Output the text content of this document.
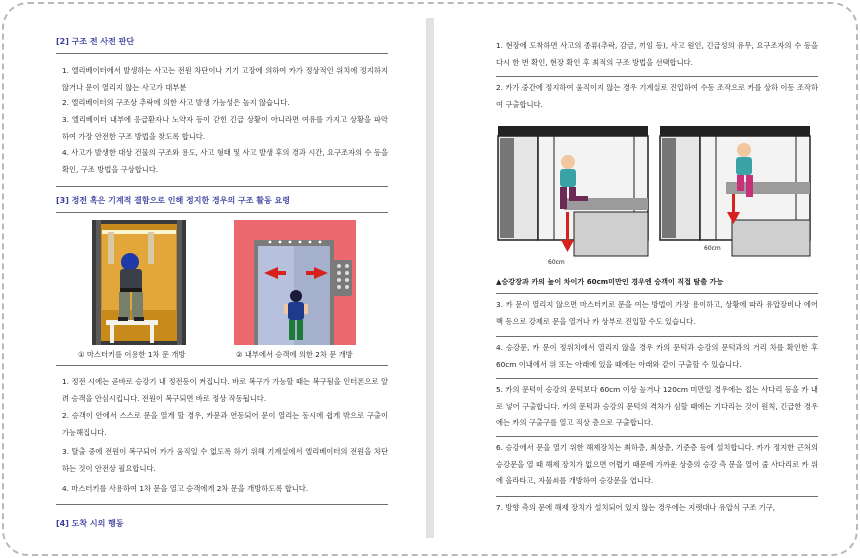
[2] 구조 전 사전 판단
1. 엘리베이터에서 발생하는 사고는 전원 차단이나 기기 고장에 의하여 카가 정상적인 위치에 정지하지 않거나 문이 열리지 않는 사고가 대부분
2. 엘리베이터의 구조상 추락에 의한 사고 발생 가능성은 높지 않습니다.
3. 엘리베이터 내부에 응급환자나 노약자 등이 갇힌 긴급 상황이 아니라면 여유를 가지고 상황을 파악하여 가장 안전한 구조 방법을 찾도록 합니다.
4. 사고가 발생한 대상 건물의 구조와 용도, 사고 형태 및 사고 발생 후의 경과 시간, 요구조자의 수 등을 확인, 구조 방법을 구상합니다.
[3] 정전 혹은 기계적 결함으로 인해 정지한 경우의 구조 활동 요령
① 마스터키를 이용한 1차 문 개방	② 내부에서 승객에 의한 2차 문 개방
1. 정전 시에는 곧바로 승강기 내 정전등이 켜집니다. 바로 복구가 가능할 때는 복구됨을 인터폰으로 알려 승객을 안심시킵니다. 전원이 복구되면 바로 정상 작동됩니다.
2. 승객이 안에서 스스로 문을 열게 할 경우, 카문과 연동되어 문이 열리는 동시에 쉽게 밖으로 구출이 가능해집니다.
3. 탈출 중에 전원이 복구되어 카가 움직일 수 없도록 하기 위해 기계실에서 엘리베이터의 전원을 차단하는 것이 안전상 필요합니다.
4. 마스터키를 사용하여 1차 문을 열고 승객에게 2차 문을 개방하도록 합니다.
[4] 도착 시의 행동
1. 현장에 도착하면 사고의 종류(추락, 감금, 끼임 등), 사고 원인, 긴급성의 유무, 요구조자의 수 등을 다시 한 번 확인, 현장 확인 후 최적의 구조 방법을 선택합니다.
2. 카가 중간에 정지하여 움직이지 않는 경우 기계실로 진입하여 수동 조작으로 카를 상하 이동 조작하여 구출합니다.
60cm
60cm
▲승강장과 카의 높이 차이가 60cm미만인 경우엔 승객이 직접 탈출 가능
3. 카 문이 열리지 않으면 마스터키로 문을 여는 방법이 가장 용이하고, 상황에 따라 유압장비나 에어백 등으로 강제로 문을 열거나 카 상부로 진입할 수도 있습니다.
4. 승강문, 카 문이 정위치에서 열리지 않을 경우 카의 문턱과 승강의 문턱과의 거리 차를 확인한 후 60cm 이내에서 위 또는 아래에 있을 때에는 아래와 같이 구출할 수 있습니다.
5. 카의 문턱이 승강의 문턱보다 60cm 이상 높거나 120cm 미만일 경우에는 접는 사다리 등을 카 내로 넣어 구출합니다. 카의 문턱과 승강의 문턱의 격차가 심할 때에는 기다리는 것이 원칙, 긴급한 경우에는 카의 구출구를 열고 직상 층으로 구출합니다.
6. 승강에서 문을 열기 위한 해제장치는 최하층, 최상층, 기준층 등에 설치합니다. 카가 정지한 근처의 승강문을 열 때 해제 장치가 없으면 어렵기 때문에 가까운 상층의 승강 측 문을 열어 줄 사다리로 카 위에 올라타고, 자물쇠를 개방하여 승강문을 엽니다.
7. 방향 측의 문에 해제 장치가 설치되어 있지 않는 경우에는 지렛대나 유압식 구조 기구,
